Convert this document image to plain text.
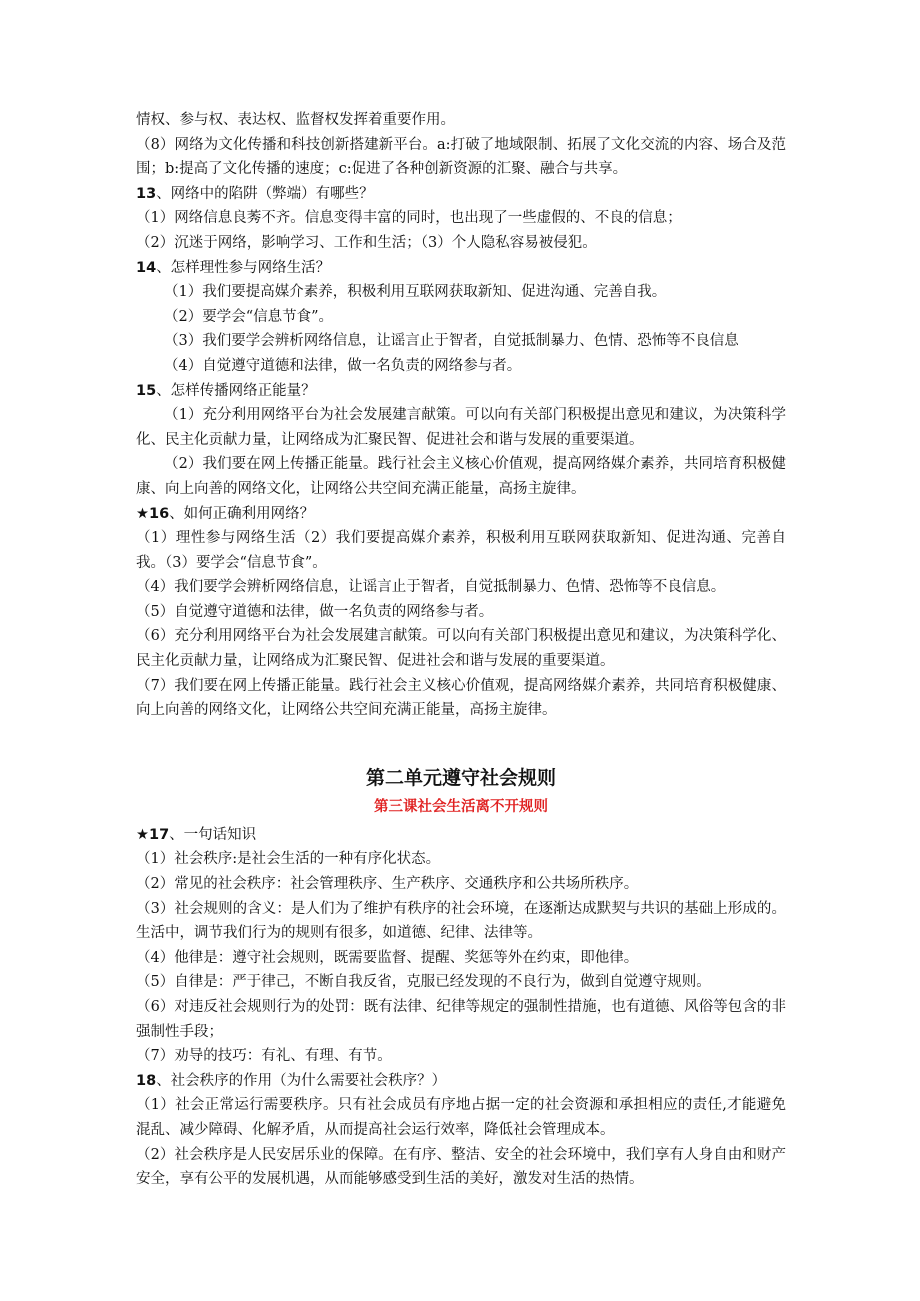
情权、参与权、表达权、监督权发挥着重要作用。

（8）网络为文化传播和科技创新搭建新平台。a:打破了地域限制、拓展了文化交流的内容、场合及范围；b:提高了文化传播的速度；c:促进了各种创新资源的汇聚、融合与共享。

13、网络中的陷阱（弊端）有哪些？

（1）网络信息良莠不齐。信息变得丰富的同时，也出现了一些虚假的、不良的信息；

（2）沉迷于网络，影响学习、工作和生活；（3）个人隐私容易被侵犯。

14、怎样理性参与网络生活？

（1）我们要提高媒介素养，积极利用互联网获取新知、促进沟通、完善自我。

（2）要学会“信息节食”。

（3）我们要学会辨析网络信息，让谣言止于智者，自觉抵制暴力、色情、恐怖等不良信息

（4）自觉遵守道德和法律，做一名负责的网络参与者。

15、怎样传播网络正能量？

（1）充分利用网络平台为社会发展建言献策。可以向有关部门积极提出意见和建议，为决策科学化、民主化贡献力量，让网络成为汇聚民智、促进社会和谐与发展的重要渠道。

（2）我们要在网上传播正能量。践行社会主义核心价值观，提高网络媒介素养，共同培育积极健康、向上向善的网络文化，让网络公共空间充满正能量，高扬主旋律。

★16、如何正确利用网络？

（1）理性参与网络生活（2）我们要提高媒介素养，积极利用互联网获取新知、促进沟通、完善自我。（3）要学会“信息节食”。

（4）我们要学会辨析网络信息，让谣言止于智者，自觉抵制暴力、色情、恐怖等不良信息。

（5）自觉遵守道德和法律，做一名负责的网络参与者。

（6）充分利用网络平台为社会发展建言献策。可以向有关部门积极提出意见和建议，为决策科学化、民主化贡献力量，让网络成为汇聚民智、促进社会和谐与发展的重要渠道。

（7）我们要在网上传播正能量。践行社会主义核心价值观，提高网络媒介素养，共同培育积极健康、向上向善的网络文化，让网络公共空间充满正能量，高扬主旋律。

第二单元遵守社会规则
第三课社会生活离不开规则

★17、一句话知识

（1）社会秩序:是社会生活的一种有序化状态。

（2）常见的社会秩序：社会管理秩序、生产秩序、交通秩序和公共场所秩序。

（3）社会规则的含义：是人们为了维护有秩序的社会环境，在逐渐达成默契与共识的基础上形成的。生活中，调节我们行为的规则有很多，如道德、纪律、法律等。

（4）他律是：遵守社会规则，既需要监督、提醒、奖惩等外在约束，即他律。

（5）自律是：严于律己，不断自我反省，克服已经发现的不良行为，做到自觉遵守规则。

（6）对违反社会规则行为的处罚：既有法律、纪律等规定的强制性措施，也有道德、风俗等包含的非强制性手段；

（7）劝导的技巧：有礼、有理、有节。

18、社会秩序的作用（为什么需要社会秩序？）

（1）社会正常运行需要秩序。只有社会成员有序地占据一定的社会资源和承担相应的责任,才能避免混乱、减少障碍、化解矛盾，从而提高社会运行效率，降低社会管理成本。

（2）社会秩序是人民安居乐业的保障。在有序、整洁、安全的社会环境中，我们享有人身自由和财产安全，享有公平的发展机遇，从而能够感受到生活的美好，激发对生活的热情。
